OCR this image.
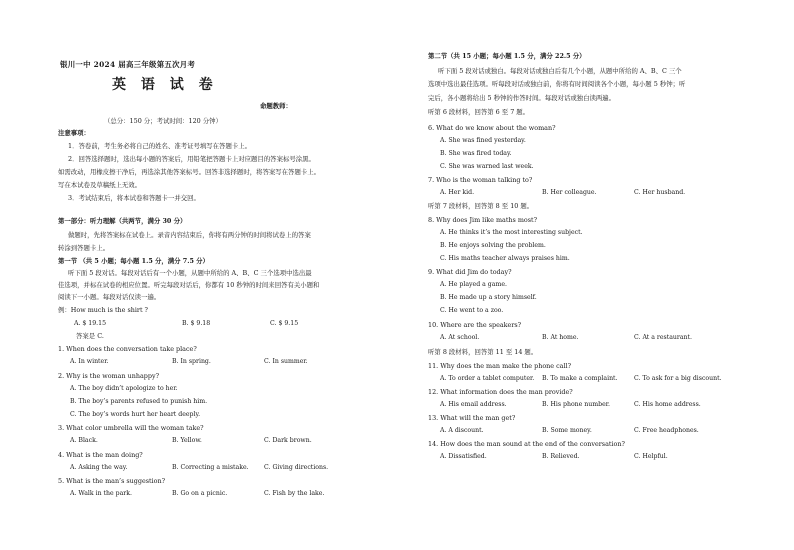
银川一中 2024 届高三年级第五次月考
英 语 试 卷
命题教师：
（总分：150 分；考试时间：120 分钟）
注意事项：
1．答卷前，考生务必将自己的姓名、准考证号填写在答题卡上。
2．回答选择题时，选出每小题的答案后，用铅笔把答题卡上对应题目的答案标号涂黑。
如需改动，用橡皮擦干净后，再选涂其他答案标号。回答非选择题时，将答案写在答题卡上。
写在本试卷及草稿纸上无效。
3．考试结束后，将本试卷和答题卡一并交回。
第一部分：听力理解（共两节，满分 30 分）
做题时，先将答案标在试卷上。录音内容结束后，你将有两分钟的时间将试卷上的答案
转涂到答题卡上。
第一节 （共 5 小题；每小题 1.5 分，满分 7.5 分）
听下面 5 段对话。每段对话后有一个小题，从题中所给的 A、B、C 三个选项中选出最
佳选项，并标在试卷的相应位置。听完每段对话后，你都有 10 秒钟的时间来回答有关小题和
阅读下一小题。每段对话仅读一遍。
例：How much is the shirt ?
A. $ 19.15	B. $ 9.18	C. $ 9.15
答案是 C.
1. When does the conversation take place?
A. In winter.	B. In spring.	C. In summer.
2. Why is the woman unhappy?
A. The boy didn’t apologize to her.
B. The boy’s parents refused to punish him.
C. The boy’s words hurt her heart deeply.
3. What color umbrella will the woman take?
A. Black.	B. Yellow.	C. Dark brown.
4. What is the man doing?
A. Asking the way.	B. Correcting a mistake. C. Giving directions.
5. What is the man’s suggestion?
A. Walk in the park.	B. Go on a picnic.	C. Fish by the lake.
第二节（共 15 小题；每小题 1.5 分，满分 22.5 分）
听下面 5 段对话或独白。每段对话或独白后有几个小题，从题中所给的 A、B、C 三个
选项中选出最佳选项。听每段对话或独白前，你将有时间阅读各个小题，每小题 5 秒钟；听
完后，各小题将给出 5 秒钟的作答时间。每段对话或独白读两遍。
听第 6 段材料，回答第 6 至 7 题。
6. What do we know about the woman?
A. She was fined yesterday.
B. She was fired today.
C. She was warned last week.
7. Who is the woman talking to?
A. Her kid.	B. Her colleague.	C. Her husband.
听第 7 段材料，回答第 8 至 10 题。
8. Why does Jim like maths most?
A. He thinks it’s the most interesting subject.
B. He enjoys solving the problem.
C. His maths teacher always praises him.
9. What did Jim do today?
A. He played a game.
B. He made up a story himself.
C. He went to a zoo.
10. Where are the speakers?
A. At school.	B. At home.	C. At a restaurant.
听第 8 段材料，回答第 11 至 14 题。
11. Why does the man make the phone call?
A. To order a tablet computer. B. To make a complaint.	C. To ask for a big discount.
12. What information does the man provide?
A. His email address.	B. His phone number.	C. His home address.
13. What will the man get?
A. A discount.	B. Some money.	C. Free headphones.
14. How does the man sound at the end of the conversation?
A. Dissatisfied.	B. Relieved.	C. Helpful.
